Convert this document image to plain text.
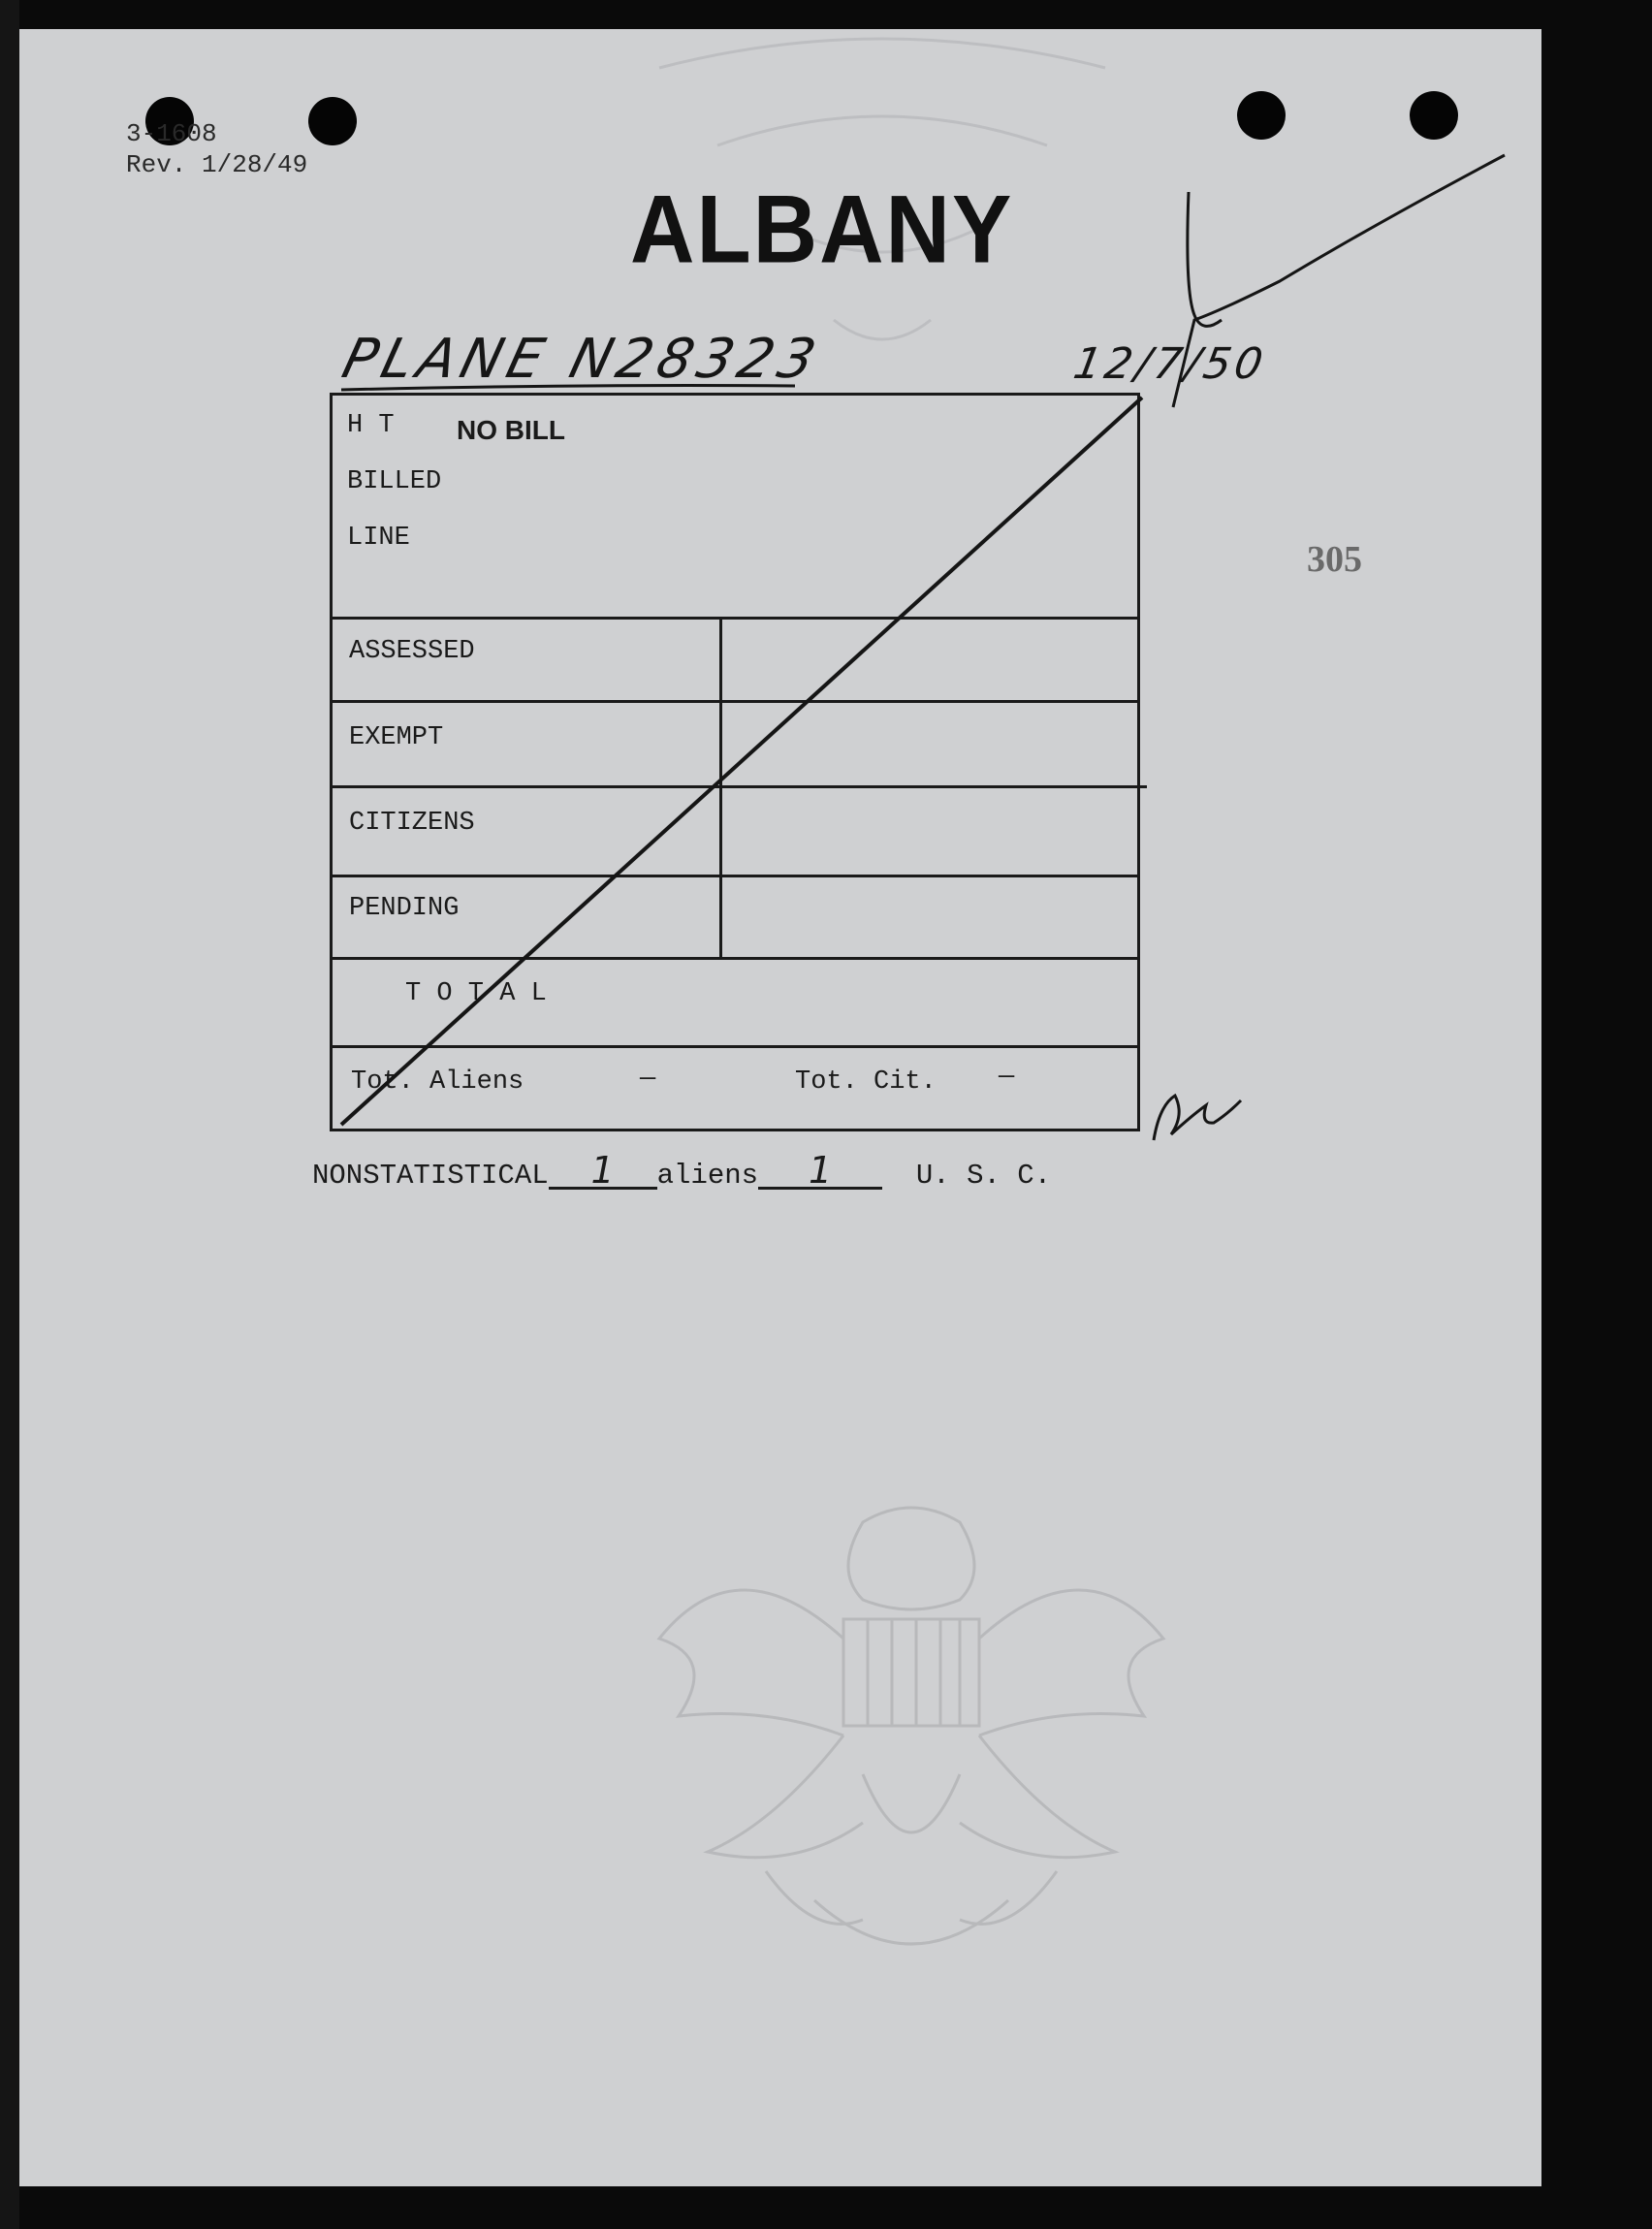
3-1608
Rev. 1/28/49
ALBANY
PLANE N28323	12/7/50
305
H T NO BILL
BILLED
LINE
ASSESSED
EXEMPT
CITIZENS
PENDING
T O T A L
Tot. Aliens	—	Tot. Cit. —
NONSTATISTICAL 1 aliens 1	U. S. C.
